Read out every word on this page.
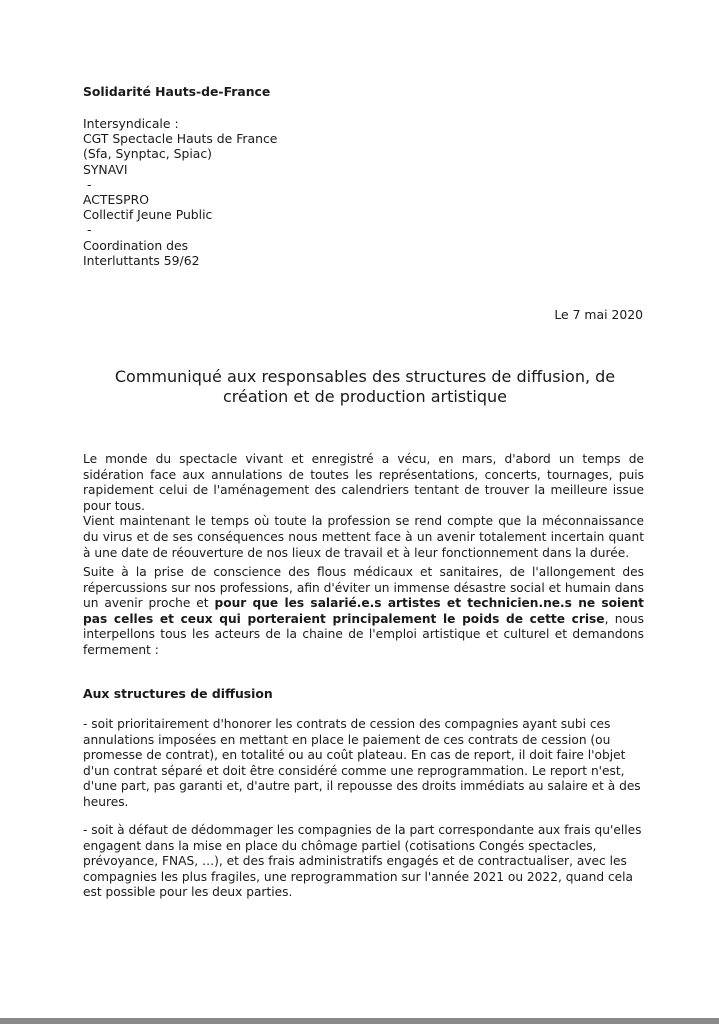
Solidarité Hauts-de-France
Intersyndicale :
CGT Spectacle Hauts de France
(Sfa, Synptac, Spiac)
SYNAVI
-
ACTESPRO
Collectif Jeune Public
-
Coordination des
Interluttants 59/62
Le 7 mai 2020
Communiqué aux responsables des structures de diffusion, de
création et de production artistique
Le monde du spectacle vivant et enregistré a vécu, en mars, d'abord un temps de sidération face aux annulations de toutes les représentations, concerts, tournages, puis rapidement celui de l'aménagement des calendriers tentant de trouver la meilleure issue pour tous.
Vient maintenant le temps où toute la profession se rend compte que la méconnaissance du virus et de ses conséquences nous mettent face à un avenir totalement incertain quant à une date de réouverture de nos lieux de travail et à leur fonctionnement dans la durée.
Suite à la prise de conscience des flous médicaux et sanitaires, de l'allongement des répercussions sur nos professions, afin d'éviter un immense désastre social et humain dans un avenir proche et pour que les salarié.e.s artistes et technicien.ne.s ne soient pas celles et ceux qui porteraient principalement le poids de cette crise, nous interpellons tous les acteurs de la chaine de l'emploi artistique et culturel et demandons fermement :
Aux structures de diffusion
- soit prioritairement d'honorer les contrats de cession des compagnies ayant subi ces annulations imposées en mettant en place le paiement de ces contrats de cession (ou promesse de contrat), en totalité ou au coût plateau. En cas de report, il doit faire l'objet d'un contrat séparé et doit être considéré comme une reprogrammation. Le report n'est, d'une part, pas garanti et, d'autre part, il repousse des droits immédiats au salaire et à des heures.
- soit à défaut de dédommager les compagnies de la part correspondante aux frais qu'elles engagent dans la mise en place du chômage partiel (cotisations Congés spectacles, prévoyance, FNAS, …), et des frais administratifs engagés et de contractualiser, avec les compagnies les plus fragiles, une reprogrammation sur l'année 2021 ou 2022, quand cela est possible pour les deux parties.
